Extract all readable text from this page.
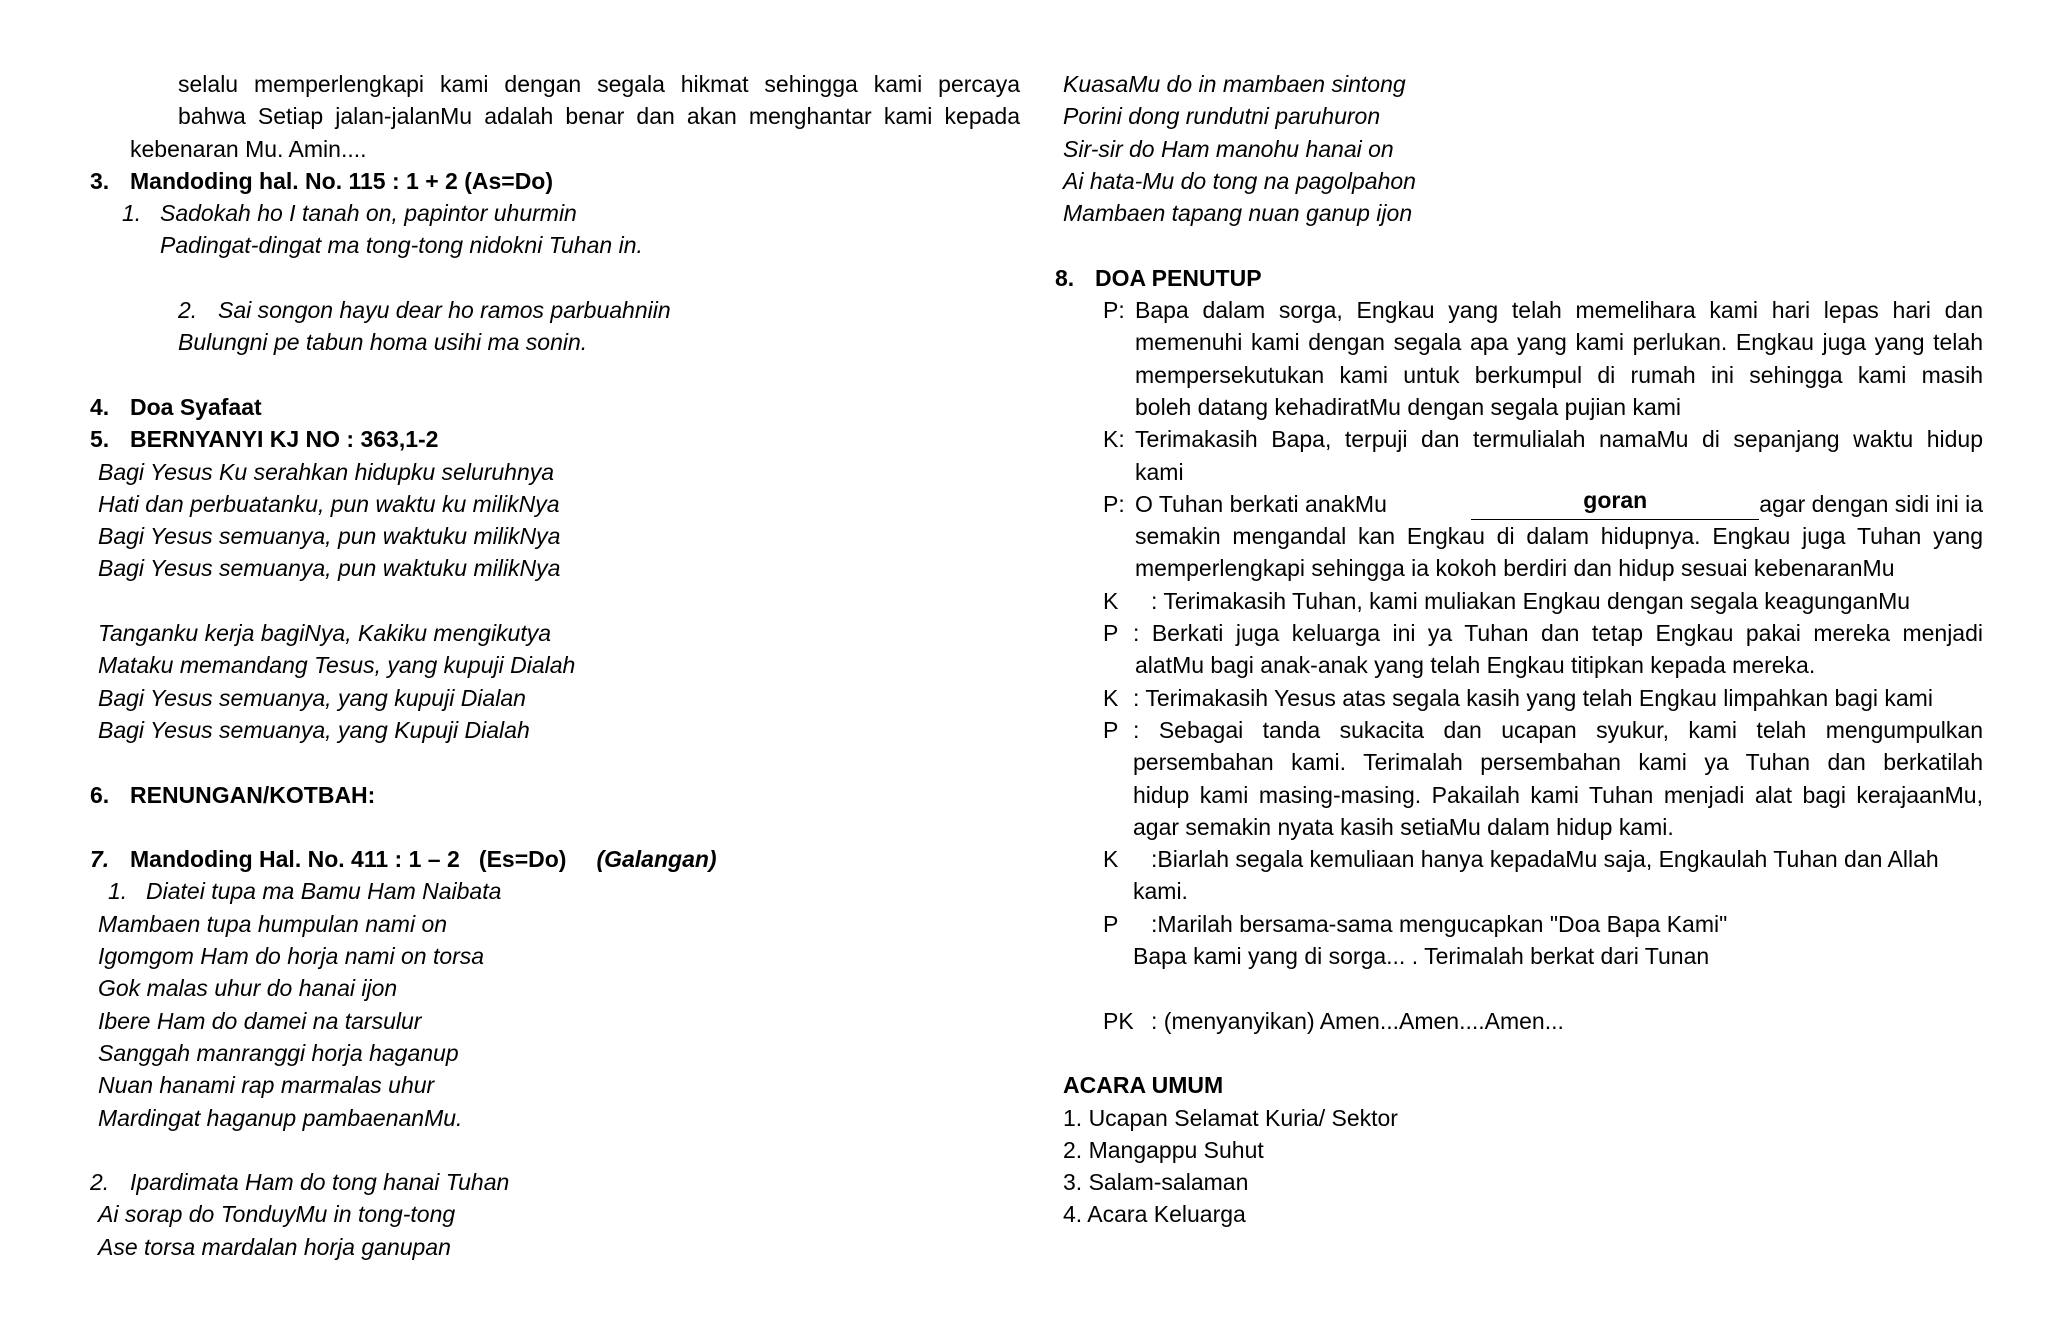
selalu memperlengkapi kami dengan segala hikmat sehingga kami percaya
bahwa Setiap jalan-jalanMu adalah benar dan akan menghantar kami kepada
kebenaran Mu. Amin....
3. Mandoding hal. No. 115 : 1 + 2 (As=Do)
1. Sadokah ho I tanah on, papintor uhurmin
Padingat-dingat ma tong-tong nidokni Tuhan in.
2. Sai songon hayu dear ho ramos parbuahniin
Bulungni pe tabun homa usihi ma sonin.
4. Doa Syafaat
5. BERNYANYI KJ NO : 363,1-2
Bagi Yesus Ku serahkan hidupku seluruhnya
Hati dan perbuatanku, pun waktu ku milikNya
Bagi Yesus semuanya, pun waktuku milikNya
Bagi Yesus semuanya, pun waktuku milikNya
Tanganku kerja bagiNya, Kakiku mengikutya
Mataku memandang Tesus, yang kupuji Dialah
Bagi Yesus semuanya, yang kupuji Dialan
Bagi Yesus semuanya, yang Kupuji Dialah
6. RENUNGAN/KOTBAH:
7. Mandoding Hal. No. 411 : 1 – 2   (Es=Do) (Galangan)
1. Diatei tupa ma Bamu Ham Naibata
Mambaen tupa humpulan nami on
Igomgom Ham do horja nami on torsa
Gok malas uhur do hanai ijon
Ibere Ham do damei na tarsulur
Sanggah manranggi horja haganup
Nuan hanami rap marmalas uhur
Mardingat haganup pambaenanMu.
2. Ipardimata Ham do tong hanai Tuhan
Ai sorap do TonduyMu in tong-tong
Ase torsa mardalan horja ganupan
KuasaMu do in mambaen sintong
Porini dong rundutni paruhuron
Sir-sir do Ham manohu hanai on
Ai hata-Mu do tong na pagolpahon
Mambaen tapang nuan ganup ijon
8. DOA PENUTUP
P: Bapa dalam sorga, Engkau yang telah memelihara kami hari lepas hari dan
memenuhi kami dengan segala apa yang kami perlukan. Engkau juga yang telah
mempersekutukan kami untuk berkumpul di rumah ini sehingga kami masih
boleh datang kehadiratMu dengan segala pujian kami
K: Terimakasih Bapa, terpuji dan termulialah namaMu di sepanjang waktu hidup
kami
P: O Tuhan berkati anakMu	goran	agar dengan sidi ini ia
semakin mengandal kan Engkau di dalam hidupnya. Engkau juga Tuhan yang
memperlengkapi sehingga ia kokoh berdiri dan hidup sesuai kebenaranMu
K	: Terimakasih Tuhan, kami muliakan Engkau dengan segala keagunganMu
P : Berkati juga keluarga ini ya Tuhan dan tetap Engkau pakai mereka menjadi
alatMu bagi anak-anak yang telah Engkau titipkan kepada mereka.
K : Terimakasih Yesus atas segala kasih yang telah Engkau limpahkan bagi kami
P : Sebagai tanda sukacita dan ucapan syukur, kami telah mengumpulkan
persembahan kami. Terimalah persembahan kami ya Tuhan dan berkatilah
hidup kami masing-masing. Pakailah kami Tuhan menjadi alat bagi kerajaanMu,
agar semakin nyata kasih setiaMu dalam hidup kami.
K	:Biarlah segala kemuliaan hanya kepadaMu saja, Engkaulah Tuhan dan Allah
kami.
P	:Marilah bersama-sama mengucapkan "Doa Bapa Kami"
Bapa kami yang di sorga... . Terimalah berkat dari Tunan
PK : (menyanyikan) Amen...Amen....Amen...
ACARA UMUM
1. Ucapan Selamat Kuria/ Sektor
2. Mangappu Suhut
3. Salam-salaman
4. Acara Keluarga
